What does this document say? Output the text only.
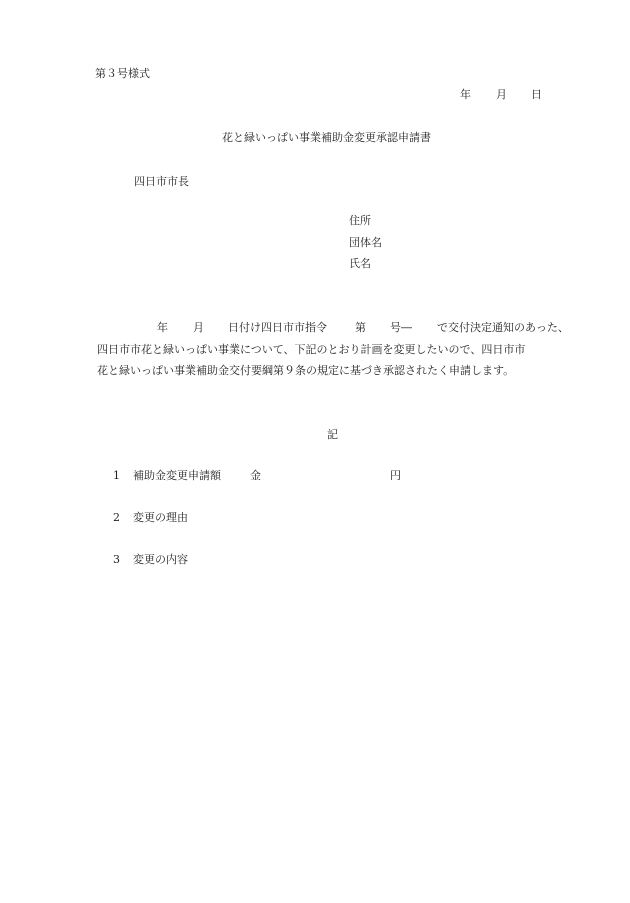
第３号様式
年 月 日
花と緑いっぱい事業補助金変更承認申請書
四日市市長
住所
団体名
氏名
年 月 日付け四日市市指令	第 号― で交付決定通知のあった、
四日市市花と緑いっぱい事業について、下記のとおり計画を変更したいので、四日市市
花と緑いっぱい事業補助金交付要綱第９条の規定に基づき承認されたく申請します。
記
1 補助金変更申請額	金	円
2 変更の理由
3 変更の内容
